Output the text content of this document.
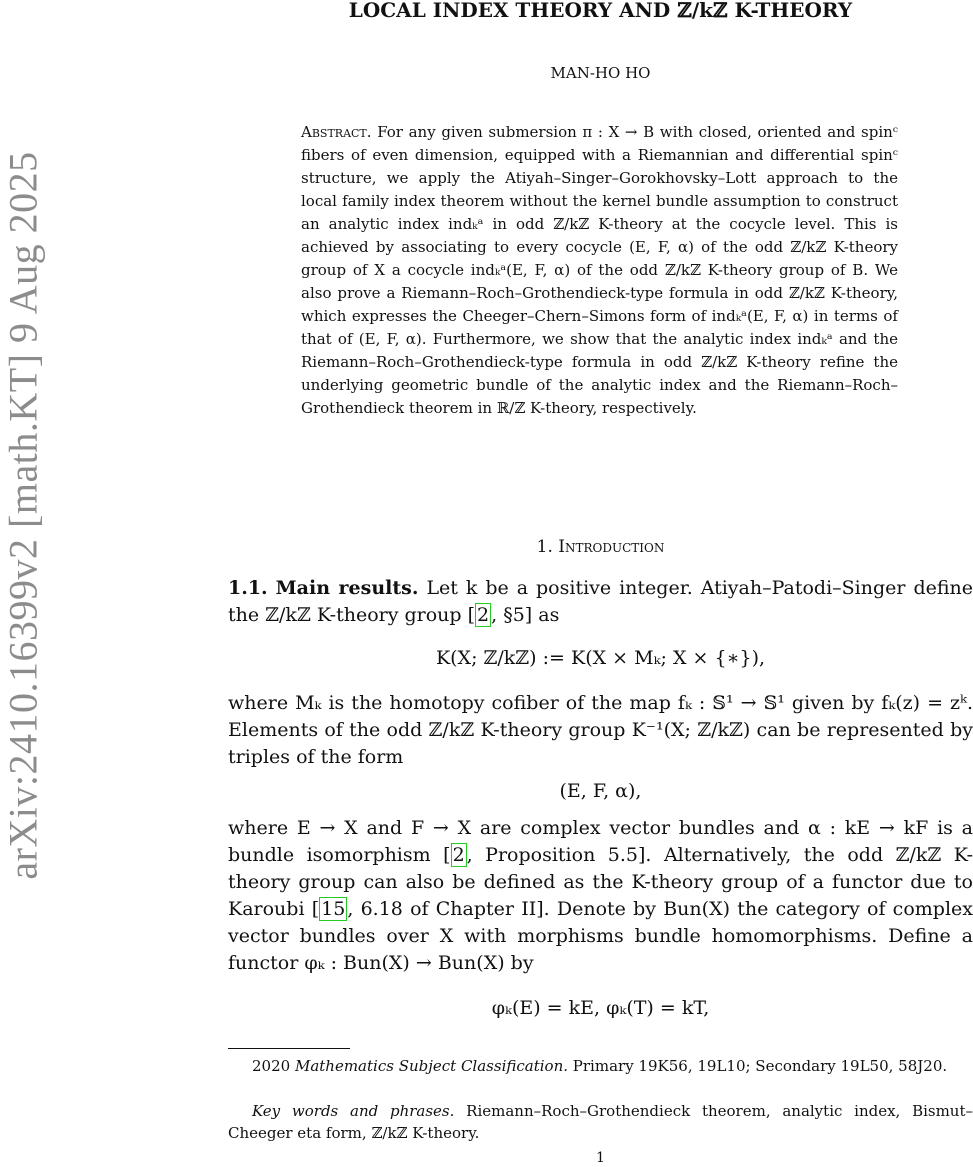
arXiv:2410.16399v2 [math.KT] 9 Aug 2025
LOCAL INDEX THEORY AND ℤ/kℤ K-THEORY
MAN-HO HO

Abstract. For any given submersion π : X → B with closed, oriented and spinᶜ fibers of even dimension, equipped with a Riemannian and differential spinᶜ structure, we apply the Atiyah–Singer–Gorokhovsky–Lott approach to the local family index theorem without the kernel bundle assumption to construct an analytic index indₖᵃ in odd ℤ/kℤ K-theory at the cocycle level. This is achieved by associating to every cocycle (E, F, α) of the odd ℤ/kℤ K-theory group of X a cocycle indₖᵃ(E, F, α) of the odd ℤ/kℤ K-theory group of B. We also prove a Riemann–Roch–Grothendieck-type formula in odd ℤ/kℤ K-theory, which expresses the Cheeger–Chern–Simons form of indₖᵃ(E, F, α) in terms of that of (E, F, α). Furthermore, we show that the analytic index indₖᵃ and the Riemann–Roch–Grothendieck-type formula in odd ℤ/kℤ K-theory refine the underlying geometric bundle of the analytic index and the Riemann–Roch–Grothendieck theorem in ℝ/ℤ K-theory, respectively.

1. Introduction

1.1. Main results. Let k be a positive integer. Atiyah–Patodi–Singer define the ℤ/kℤ K-theory group [ 2 , §5] as

K(X; ℤ/kℤ) := K(X × Mₖ; X × {∗}),

where Mₖ is the homotopy cofiber of the map fₖ : 𝕊¹ → 𝕊¹ given by fₖ(z) = zᵏ. Elements of the odd ℤ/kℤ K-theory group K⁻¹(X; ℤ/kℤ) can be represented by triples of the form

(E, F, α),

where E → X and F → X are complex vector bundles and α : kE → kF is a bundle isomorphism [ 2 , Proposition 5.5]. Alternatively, the odd ℤ/kℤ K-theory group can also be defined as the K-theory group of a functor due to Karoubi [ 15 , 6.18 of Chapter II]. Denote by Bun(X) the category of complex vector bundles over X with morphisms bundle homomorphisms. Define a functor φₖ : Bun(X) → Bun(X) by

φₖ(E) = kE, φₖ(T) = kT,

2020 Mathematics Subject Classification. Primary 19K56, 19L10; Secondary 19L50, 58J20.

Key words and phrases. Riemann–Roch–Grothendieck theorem, analytic index, Bismut–Cheeger eta form, ℤ/kℤ K-theory.

1
